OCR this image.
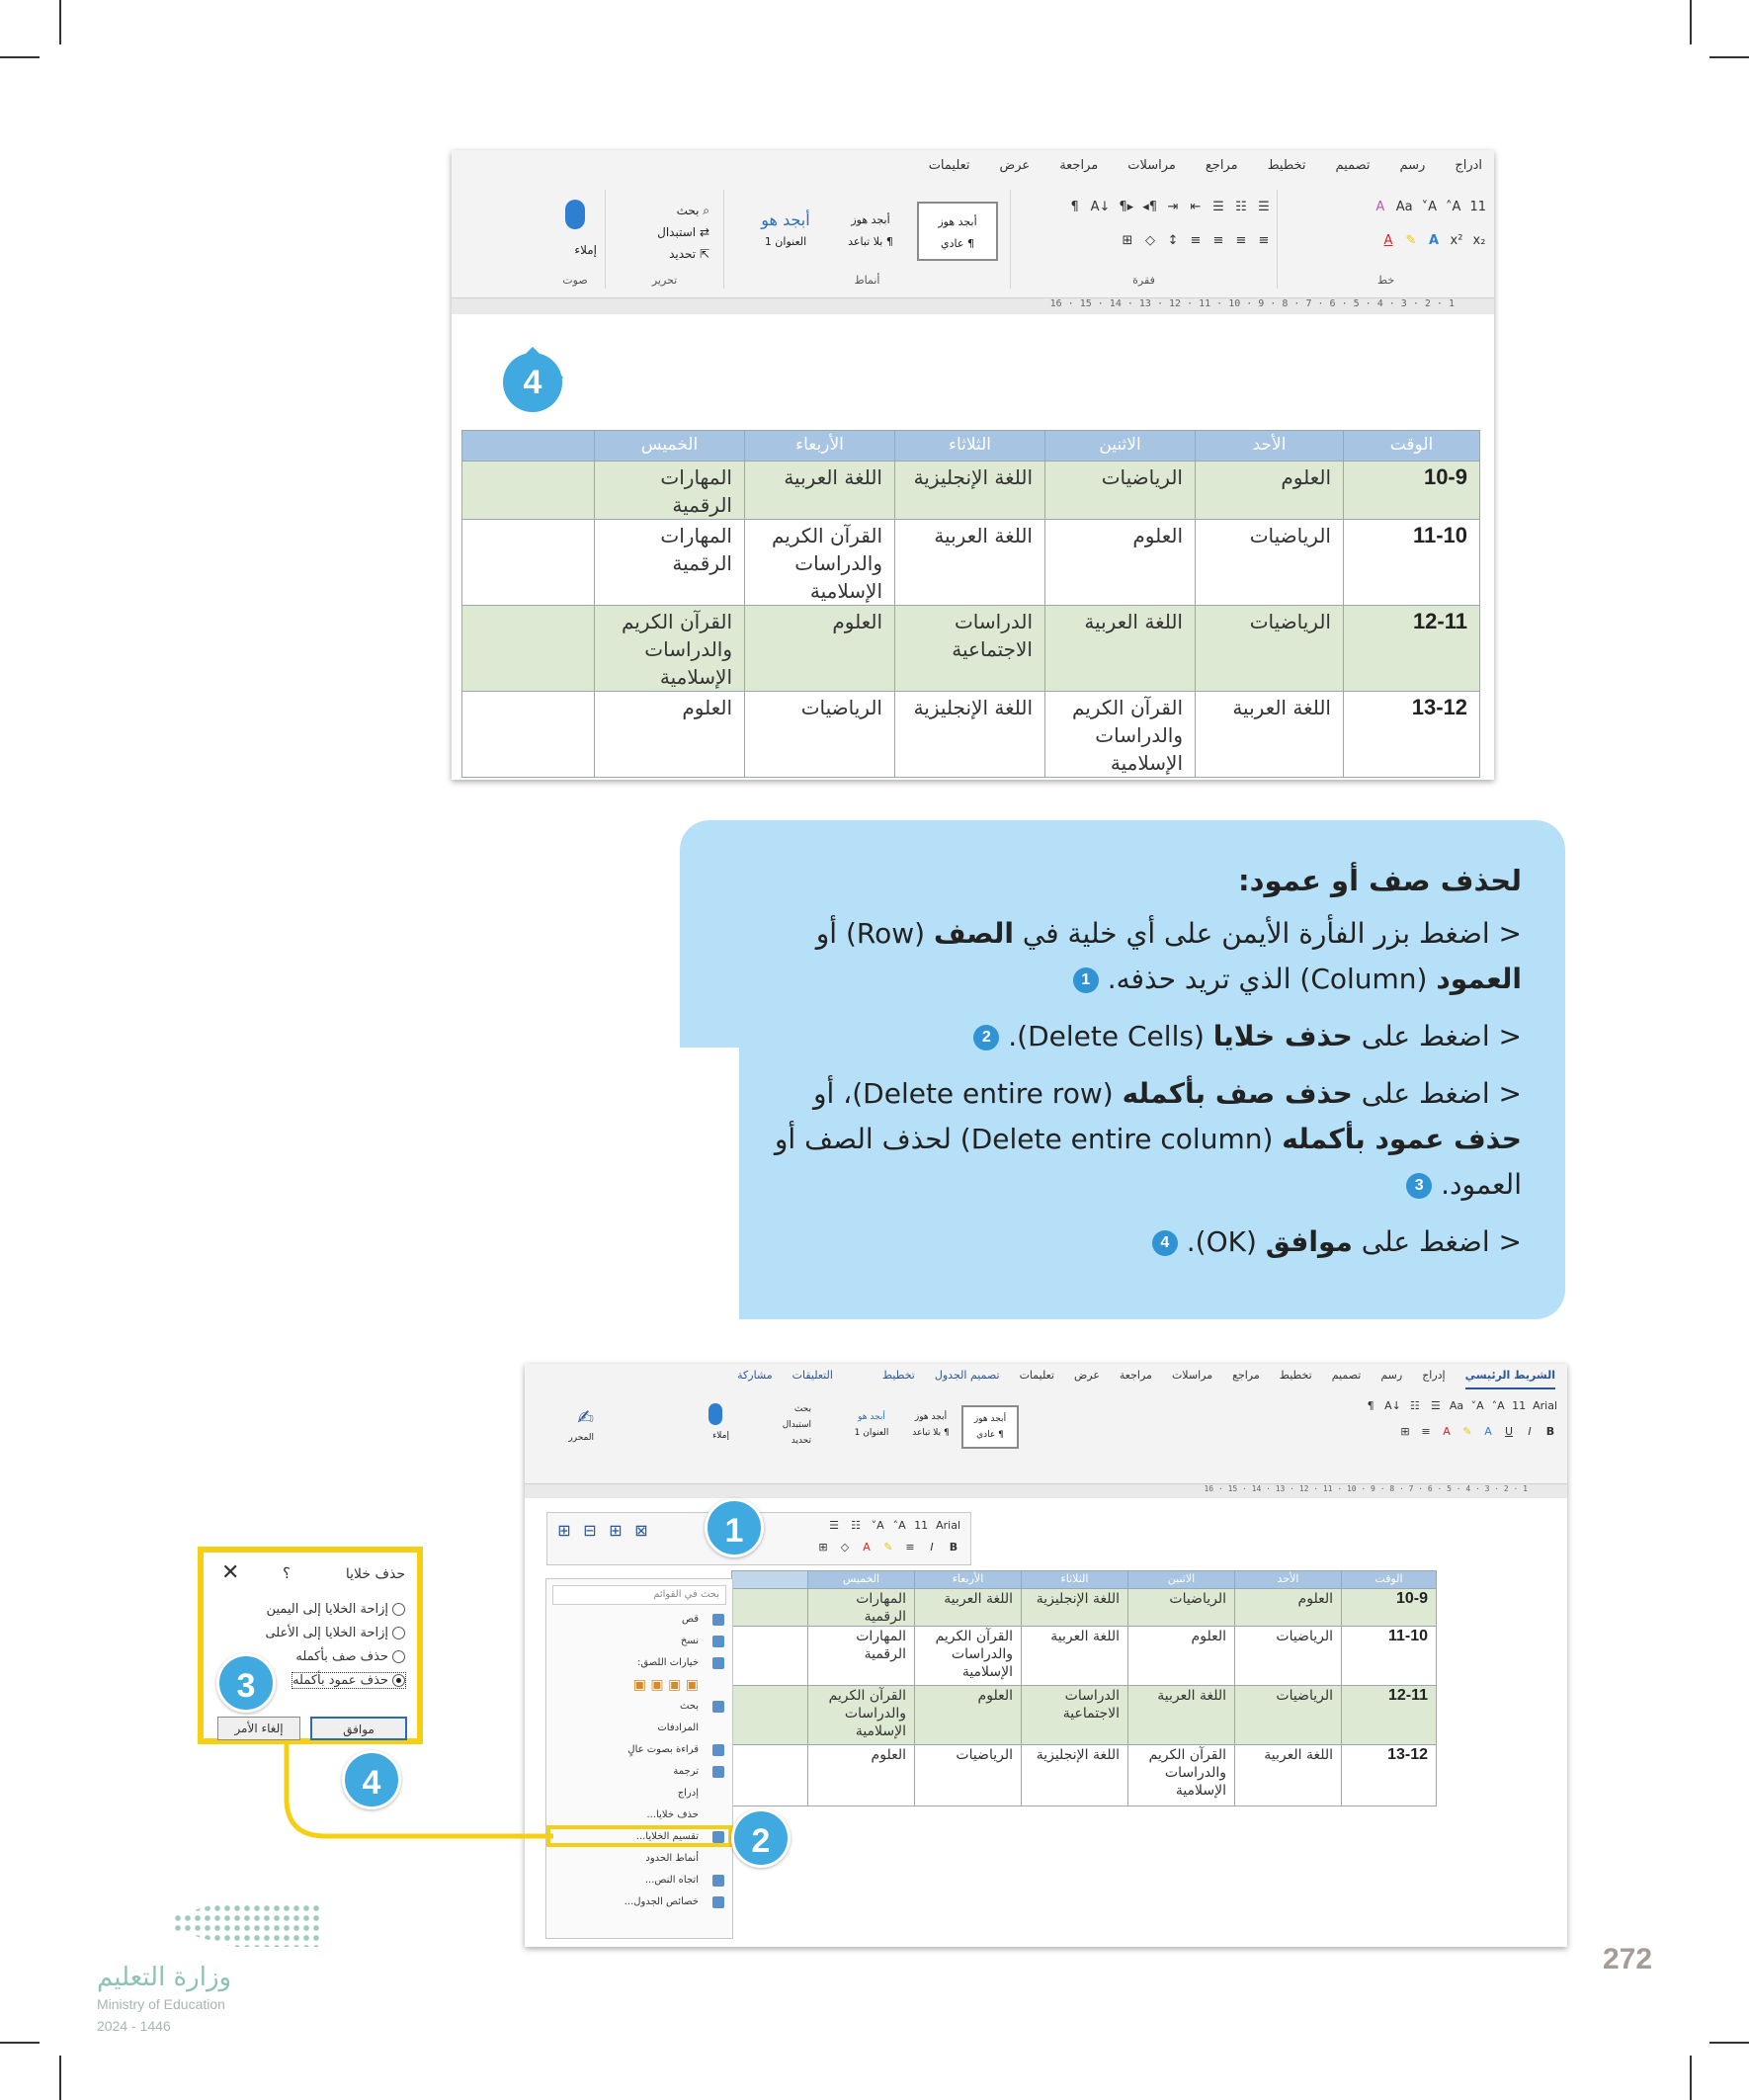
ادراج
رسم
تصميم
تخطيط
مراجع
مراسلات
مراجعة
عرض
تعليمات
11
A˄
A˅
Aa
A
x₂
x²
A
✎
A
خط
☰
☷
☰
⇤
⇥
¶◂
▸¶
↓A
¶
≡
≡
≡
≡
↕
◇
⊞
فقرة
أبجد هوز
¶ عادي
أبجد هوز
¶ بلا تباعد
أبجد هو
العنوان 1
أنماط
⌕ بحث
⇄ استبدال
⇱ تحديد
تحرير
إملاء
صوت
16 · 15 · 14 · 13 · 12 · 11 · 10 · 9 · 8 · 7 · 6 · 5 · 4 · 3 · 2 · 1
4
الوقت	الأحد	الاثنين	الثلاثاء	الأربعاء	الخميس	
10-9	العلوم	الرياضيات	اللغة الإنجليزية	اللغة العربية	المهارات الرقمية	
11-10	الرياضيات	العلوم	اللغة العربية	القرآن الكريم والدراسات الإسلامية	المهارات الرقمية	
12-11	الرياضيات	اللغة العربية	الدراسات الاجتماعية	العلوم	القرآن الكريم والدراسات الإسلامية	
13-12	اللغة العربية	القرآن الكريم والدراسات الإسلامية	اللغة الإنجليزية	الرياضيات	العلوم	
لحذف صف أو عمود:
< اضغط بزر الفأرة الأيمن على أي خلية في الصف (Row) أو العمود (Column) الذي تريد حذفه. 1
< اضغط على حذف خلايا (Delete Cells). 2
< اضغط على حذف صف بأكمله (Delete entire row)، أو حذف عمود بأكمله (Delete entire column) لحذف الصف أو العمود. 3
< اضغط على موافق (OK). 4
الشريط الرئيسي
إدراج
رسم
تصميم
تخطيط
مراجع
مراسلات
مراجعة
عرض
تعليمات
تصميم الجدول
تخطيط
التعليقات
مشاركة
Arial
11
A˄
A˅
Aa
☰
☷
↓A
¶
B
I
U
A
✎
A
≡
⊞
أبجد هوز
¶ عادي
أبجد هوز
¶ بلا تباعد
أبجد هو
العنوان 1
بحث
استبدال
تحديد
إملاء
✍
المحرر
16 · 15 · 14 · 13 · 12 · 11 · 10 · 9 · 8 · 7 · 6 · 5 · 4 · 3 · 2 · 1
Arial
11
A˄
A˅
☷
☰
B
I
≡
✎
A
◇
⊞
⊞ ⊟ ⊞ ⊠
الوقت	الأحد	الاثنين	الثلاثاء	الأربعاء	الخميس	
10-9	العلوم	الرياضيات	اللغة الإنجليزية	اللغة العربية	المهارات الرقمية	
11-10	الرياضيات	العلوم	اللغة العربية	القرآن الكريم والدراسات الإسلامية	المهارات الرقمية	
12-11	الرياضيات	اللغة العربية	الدراسات الاجتماعية	العلوم	القرآن الكريم والدراسات الإسلامية	
13-12	اللغة العربية	القرآن الكريم والدراسات الإسلامية	اللغة الإنجليزية	الرياضيات	العلوم	
بحث في القوائم
قص
نسخ
خيارات اللصق:
▣ ▣ ▣ ▣
بحث
المرادفات
قراءة بصوت عالٍ
ترجمة
إدراج
حذف خلايا...
تقسيم الخلايا...
أنماط الحدود
اتجاه النص...
خصائص الجدول...
حذف خلايا
؟
✕
إزاحة الخلايا إلى اليمين
إزاحة الخلايا إلى الأعلى
حذف صف بأكمله
حذف عمود بأكمله
موافق
إلغاء الأمر
1
2
3
4
272
وزارة التعليم
Ministry of Education
2024 - 1446
